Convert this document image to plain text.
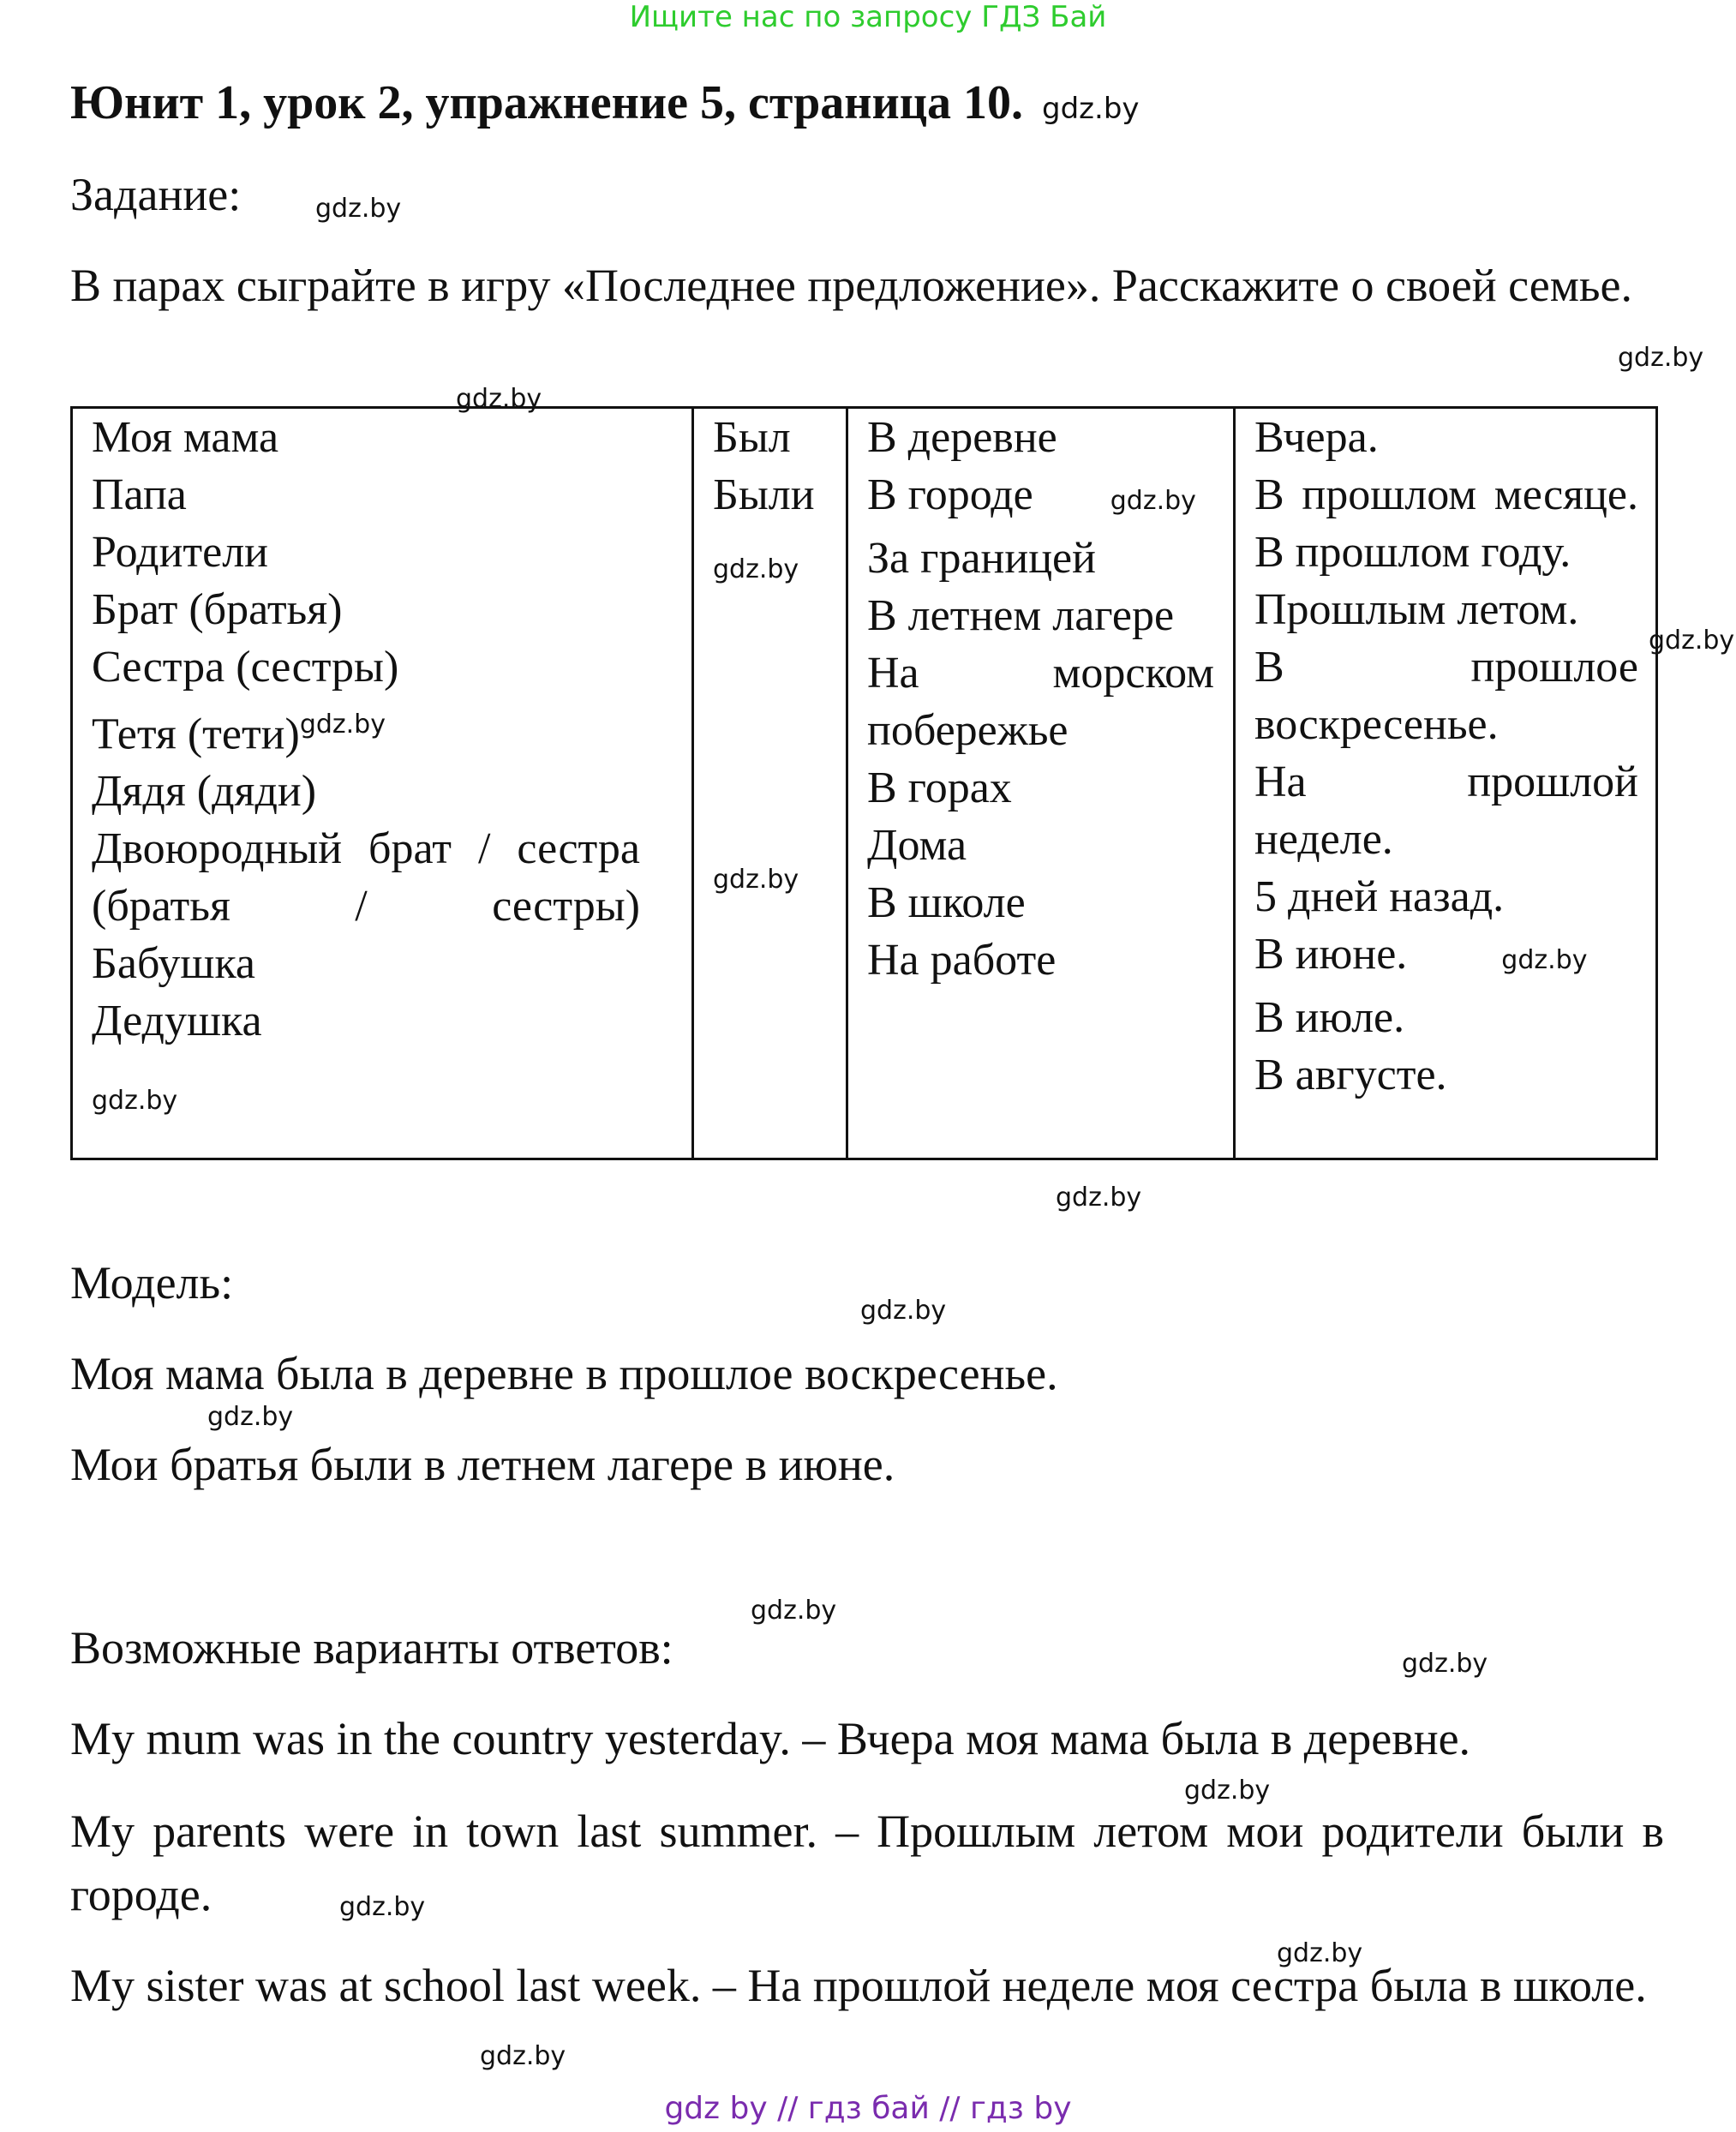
Ищите нас по запросу ГДЗ Бай
Юнит 1, урок 2, упражнение 5, страница 10. gdz.by
Задание:	gdz.by
В парах сыграйте в игру «Последнее предложение». Расскажите о своей семье.
gdz.by
gdz.by
Моя мама
Папа
Родители
Брат (братья)
Сестра (сестры)
Тетя (тети)$^{gdz.by}$
Дядя (дяди)
Двоюродный брат / сестра (братья / сестры)
Бабушка
Дедушка
gdz.by

Был
Были
gdz.by
gdz.by

В деревне
В городе	gdz.by
За границей
В летнем лагере
На морском побережье
В горах
Дома
В школе
На работе

Вчера.
В прошлом месяце.
В прошлом году.
Прошлым летом.
В прошлое воскресенье.
На прошлой неделе.
5 дней назад.
В июне.	gdz.by
В июле.
В августе.
gdz.by
gdz.by
Модель:
gdz.by
Моя мама была в деревне в прошлое воскресенье.
gdz.by
Мои братья были в летнем лагере в июне.
gdz.by
Возможные варианты ответов:	gdz.by
My mum was in the country yesterday. – Вчера моя мама была в деревне.
gdz.by
My parents were in town last summer. – Прошлым летом мои родители были в городе.	gdz.by
gdz.by
My sister was at school last week. – На прошлой неделе моя сестра была в школе.
gdz.by
gdz by // гдз бай // гдз by
